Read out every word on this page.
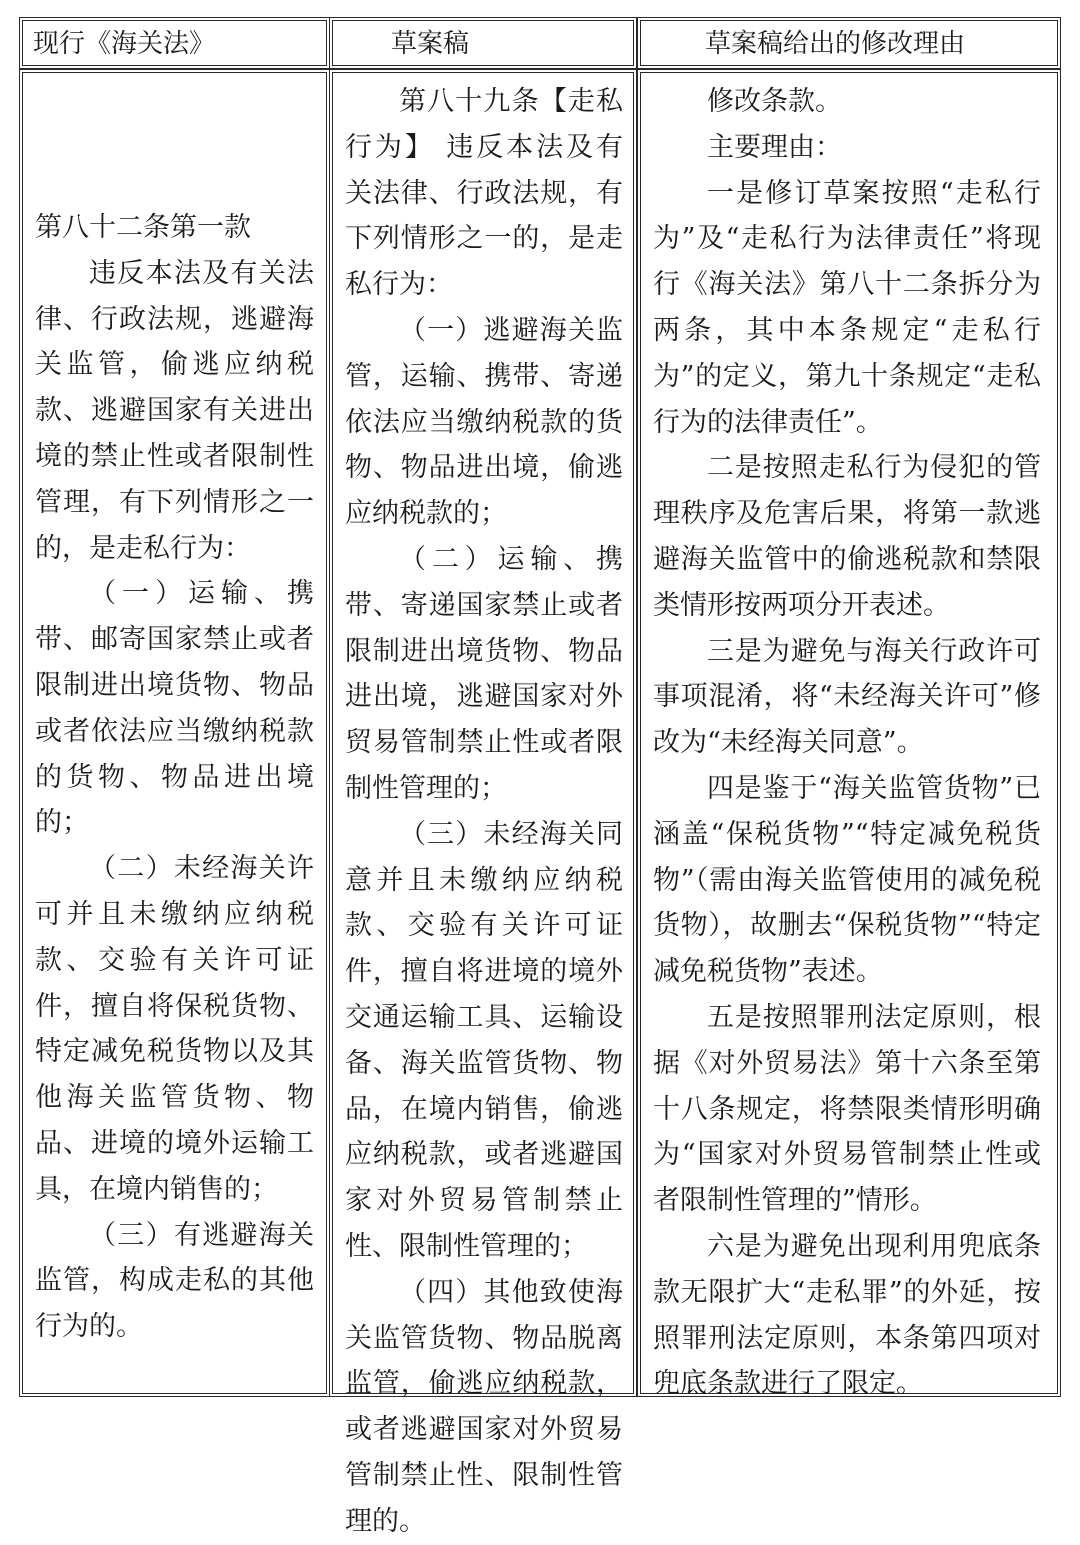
现行《海关法》	草案稿	草案稿给出的修改理由

第八十二条第一款

违反本法及有关法律、行政法规，逃避海关监管，偷逃应纳税款、逃避国家有关进出境的禁止性或者限制性管理，有下列情形之一的，是走私行为：

（一）运输、携带、邮寄国家禁止或者限制进出境货物、物品或者依法应当缴纳税款的货物、物品进出境的；

（二）未经海关许可并且未缴纳应纳税款、交验有关许可证件，擅自将保税货物、特定减免税货物以及其他海关监管货物、物品、进境的境外运输工具，在境内销售的；

（三）有逃避海关监管，构成走私的其他行为的。

第八十九条【走私行为】 违反本法及有关法律、行政法规，有下列情形之一的，是走私行为：

（一）逃避海关监管，运输、携带、寄递依法应当缴纳税款的货物、物品进出境，偷逃应纳税款的；

（二）运输、携带、寄递国家禁止或者限制进出境货物、物品进出境，逃避国家对外贸易管制禁止性或者限制性管理的；

（三）未经海关同意并且未缴纳应纳税款、交验有关许可证件，擅自将进境的境外交通运输工具、运输设备、海关监管货物、物品，在境内销售，偷逃应纳税款，或者逃避国家对外贸易管制禁止性、限制性管理的；

（四）其他致使海关监管货物、物品脱离监管，偷逃应纳税款，或者逃避国家对外贸易管制禁止性、限制性管理的。

修改条款。

主要理由：

一是修订草案按照“走私行为”及“走私行为法律责任”将现行《海关法》第八十二条拆分为两条，其中本条规定“走私行为”的定义，第九十条规定“走私行为的法律责任”。

二是按照走私行为侵犯的管理秩序及危害后果，将第一款逃避海关监管中的偷逃税款和禁限类情形按两项分开表述。

三是为避免与海关行政许可事项混淆，将“未经海关许可”修改为“未经海关同意”。

四是鉴于“海关监管货物”已涵盖“保税货物”“特定减免税货物”（需由海关监管使用的减免税货物），故删去“保税货物”“特定减免税货物”表述。

五是按照罪刑法定原则，根据《对外贸易法》第十六条至第十八条规定，将禁限类情形明确为“国家对外贸易管制禁止性或者限制性管理的”情形。

六是为避免出现利用兜底条款无限扩大“走私罪”的外延，按照罪刑法定原则，本条第四项对兜底条款进行了限定。
